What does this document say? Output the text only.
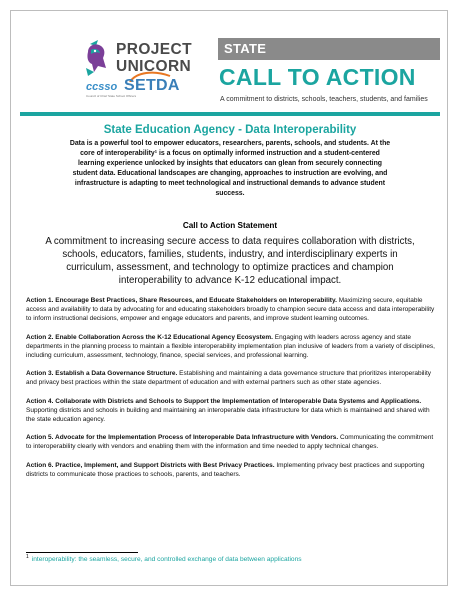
PROJECT
UNICORN
ccsso
Council of Chief State School Officers
SETDA
STATE
CALL TO ACTION
A commitment to districts, schools, teachers, students, and families
State Education Agency - Data Interoperability
Data is a powerful tool to empower educators, researchers, parents, schools, and students. At the
core of interoperability¹ is a focus on optimally informed instruction and a student-centered
learning experience unlocked by insights that educators can glean from securely connecting
student data. Educational landscapes are changing, approaches to instruction are evolving, and
infrastructure is adapting to meet technological and instructional demands to advance student
success.
Call to Action Statement
A commitment to increasing secure access to data requires collaboration with districts,
schools, educators, families, students, industry, and interdisciplinary experts in
curriculum, assessment, and technology to optimize practices and champion
interoperability to advance K-12 educational impact.

Action 1. Encourage Best Practices, Share Resources, and Educate Stakeholders on Interoperability. Maximizing secure, equitable access and availability to data by advocating for and educating stakeholders broadly to champion secure data access and data interoperability to inform instructional decisions, empower and engage educators and parents, and improve student learning outcomes.

Action 2. Enable Collaboration Across the K-12 Educational Agency Ecosystem. Engaging with leaders across agency and state departments in the planning process to maintain a flexible interoperability implementation plan inclusive of leaders from a variety of disciplines, including curriculum, assessment, technology, finance, special services, and professional learning.

Action 3. Establish a Data Governance Structure. Establishing and maintaining a data governance structure that prioritizes interoperability and privacy best practices within the state department of education and with external partners such as other state agencies.

Action 4. Collaborate with Districts and Schools to Support the Implementation of Interoperable Data Systems and Applications. Supporting districts and schools in building and maintaining an interoperable data infrastructure for data which is maintained and shared with the state education agency.

Action 5. Advocate for the Implementation Process of Interoperable Data Infrastructure with Vendors. Communicating the commitment to interoperability clearly with vendors and enabling them with the information and time needed to apply technical changes.

Action 6. Practice, Implement, and Support Districts with Best Privacy Practices. Implementing privacy best practices and supporting districts to communicate those practices to schools, parents, and teachers.

$^1$ interoperability: the seamless, secure, and controlled exchange of data between applications
